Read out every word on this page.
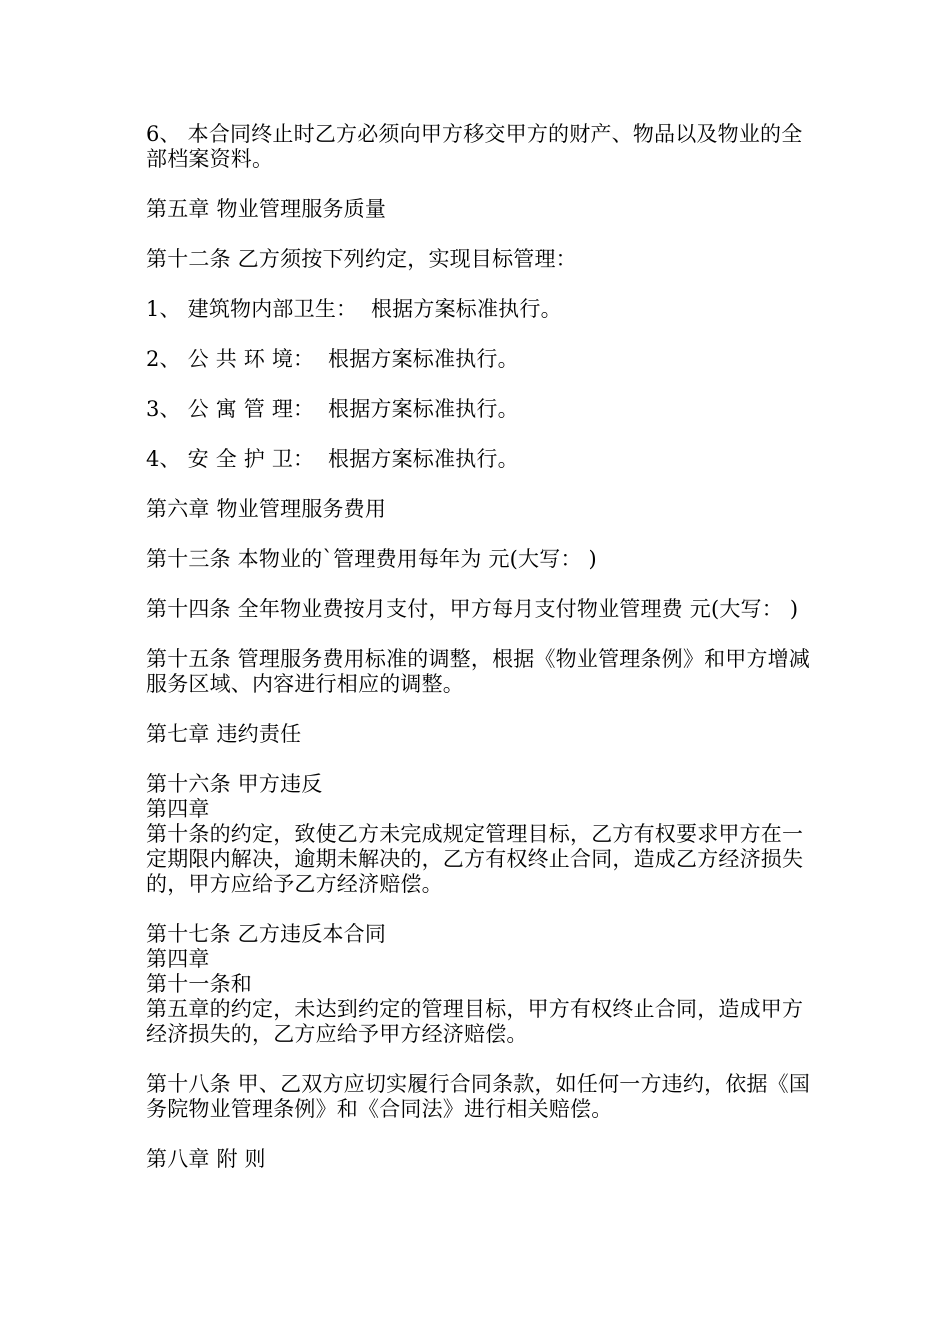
6、 本合同终止时乙方必须向甲方移交甲方的财产、物品以及物业的全部档案资料。

第五章 物业管理服务质量

第十二条 乙方须按下列约定，实现目标管理：

1、 建筑物内部卫生：  根据方案标准执行。

2、 公 共 环 境：  根据方案标准执行。

3、 公 寓 管 理：  根据方案标准执行。

4、 安 全 护 卫：  根据方案标准执行。

第六章 物业管理服务费用

第十三条 本物业的`管理费用每年为 元(大写： )

第十四条 全年物业费按月支付，甲方每月支付物业管理费 元(大写： )

第十五条 管理服务费用标准的调整，根据《物业管理条例》和甲方增减服务区域、内容进行相应的调整。

第七章 违约责任

第十六条 甲方违反

第四章

第十条的约定，致使乙方未完成规定管理目标，乙方有权要求甲方在一定期限内解决，逾期未解决的，乙方有权终止合同，造成乙方经济损失的，甲方应给予乙方经济赔偿。

第十七条 乙方违反本合同

第四章

第十一条和

第五章的约定，未达到约定的管理目标，甲方有权终止合同，造成甲方经济损失的，乙方应给予甲方经济赔偿。

第十八条 甲、乙双方应切实履行合同条款，如任何一方违约，依据《国务院物业管理条例》和《合同法》进行相关赔偿。

第八章 附 则
